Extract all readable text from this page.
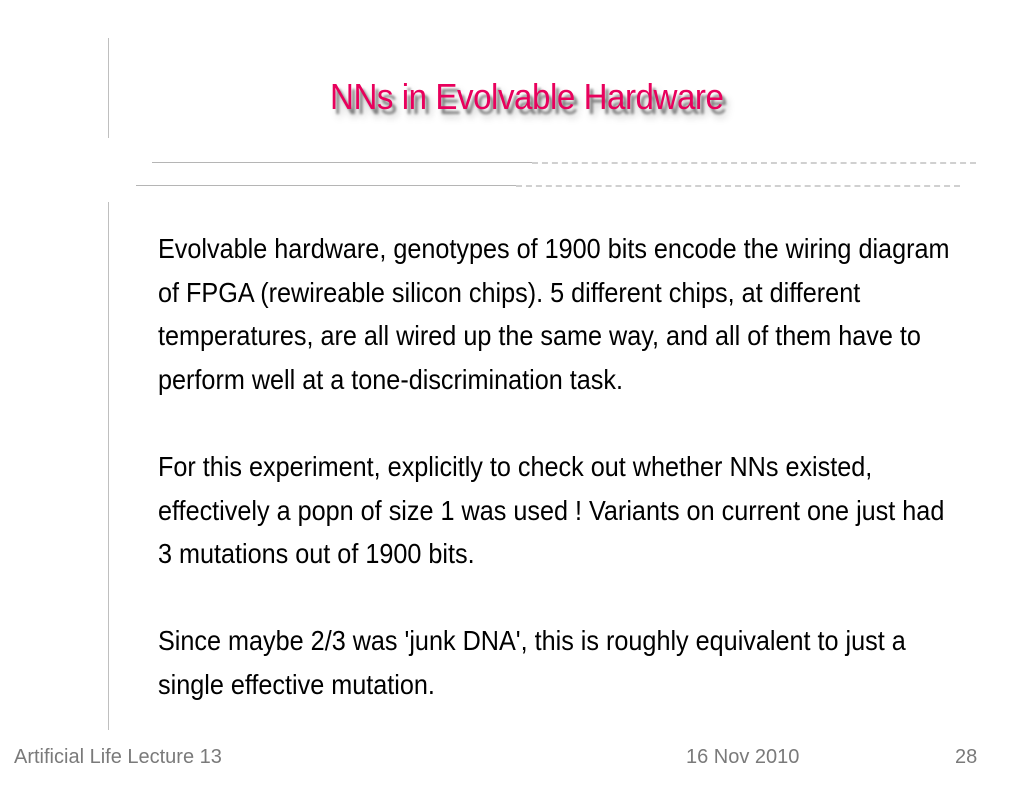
NNs in Evolvable Hardware

Evolvable hardware, genotypes of 1900 bits encode the wiring diagram of FPGA (rewireable silicon chips). 5 different chips, at different temperatures, are all wired up the same way, and all of them have to perform well at a tone-discrimination task.

For this experiment, explicitly to check out whether NNs existed, effectively a popn of size 1 was used ! Variants on current one just had 3 mutations out of 1900 bits.

Since maybe 2/3 was 'junk DNA', this is roughly equivalent to just a single effective mutation.

Artificial Life Lecture 13	16 Nov 2010	28
